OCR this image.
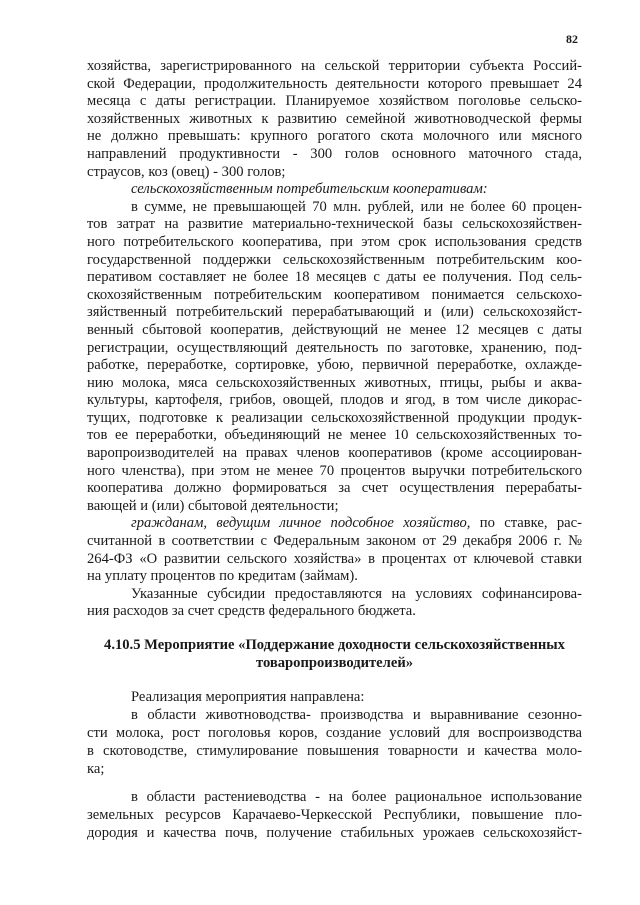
82
хозяйства, зарегистрированного на сельской территории субъекта Россий-
ской Федерации, продолжительность деятельности которого превышает 24
месяца с даты регистрации. Планируемое хозяйством поголовье сельско-
хозяйственных животных к развитию семейной животноводческой фермы
не должно превышать: крупного рогатого скота молочного или мясного
направлений продуктивности - 300 голов основного маточного стада,
страусов, коз (овец) - 300 голов;
сельскохозяйственным потребительским кооперативам:
в сумме, не превышающей 70 млн. рублей, или не более 60 процен-
тов затрат на развитие материально-технической базы сельскохозяйствен-
ного потребительского кооператива, при этом срок использования средств
государственной поддержки сельскохозяйственным потребительским коо-
перативом составляет не более 18 месяцев с даты ее получения. Под сель-
скохозяйственным потребительским кооперативом понимается сельскохо-
зяйственный потребительский перерабатывающий и (или) сельскохозяйст-
венный сбытовой кооператив, действующий не менее 12 месяцев с даты
регистрации, осуществляющий деятельность по заготовке, хранению, под-
работке, переработке, сортировке, убою, первичной переработке, охлажде-
нию молока, мяса сельскохозяйственных животных, птицы, рыбы и аква-
культуры, картофеля, грибов, овощей, плодов и ягод, в том числе дикорас-
тущих, подготовке к реализации сельскохозяйственной продукции продук-
тов ее переработки, объединяющий не менее 10 сельскохозяйственных то-
варопроизводителей на правах членов кооперативов (кроме ассоциирован-
ного членства), при этом не менее 70 процентов выручки потребительского
кооператива должно формироваться за счет осуществления перерабаты-
вающей и (или) сбытовой деятельности;
гражданам, ведущим личное подсобное хозяйство, по ставке, рас-
считанной в соответствии с Федеральным законом от 29 декабря 2006 г. №
264-ФЗ «О развитии сельского хозяйства» в процентах от ключевой ставки
на уплату процентов по кредитам (займам).
Указанные субсидии предоставляются на условиях софинансирова-
ния расходов за счет средств федерального бюджета.
4.10.5 Мероприятие «Поддержание доходности сельскохозяйственных
товаропроизводителей»
Реализация мероприятия направлена:
в области животноводства- производства и выравнивание сезонно-
сти молока, рост поголовья коров, создание условий для воспроизводства
в скотоводстве, стимулирование повышения товарности и качества моло-
ка;
в области растениеводства - на более рациональное использование
земельных ресурсов Карачаево-Черкесской Республики, повышение пло-
дородия и качества почв, получение стабильных урожаев сельскохозяйст-
